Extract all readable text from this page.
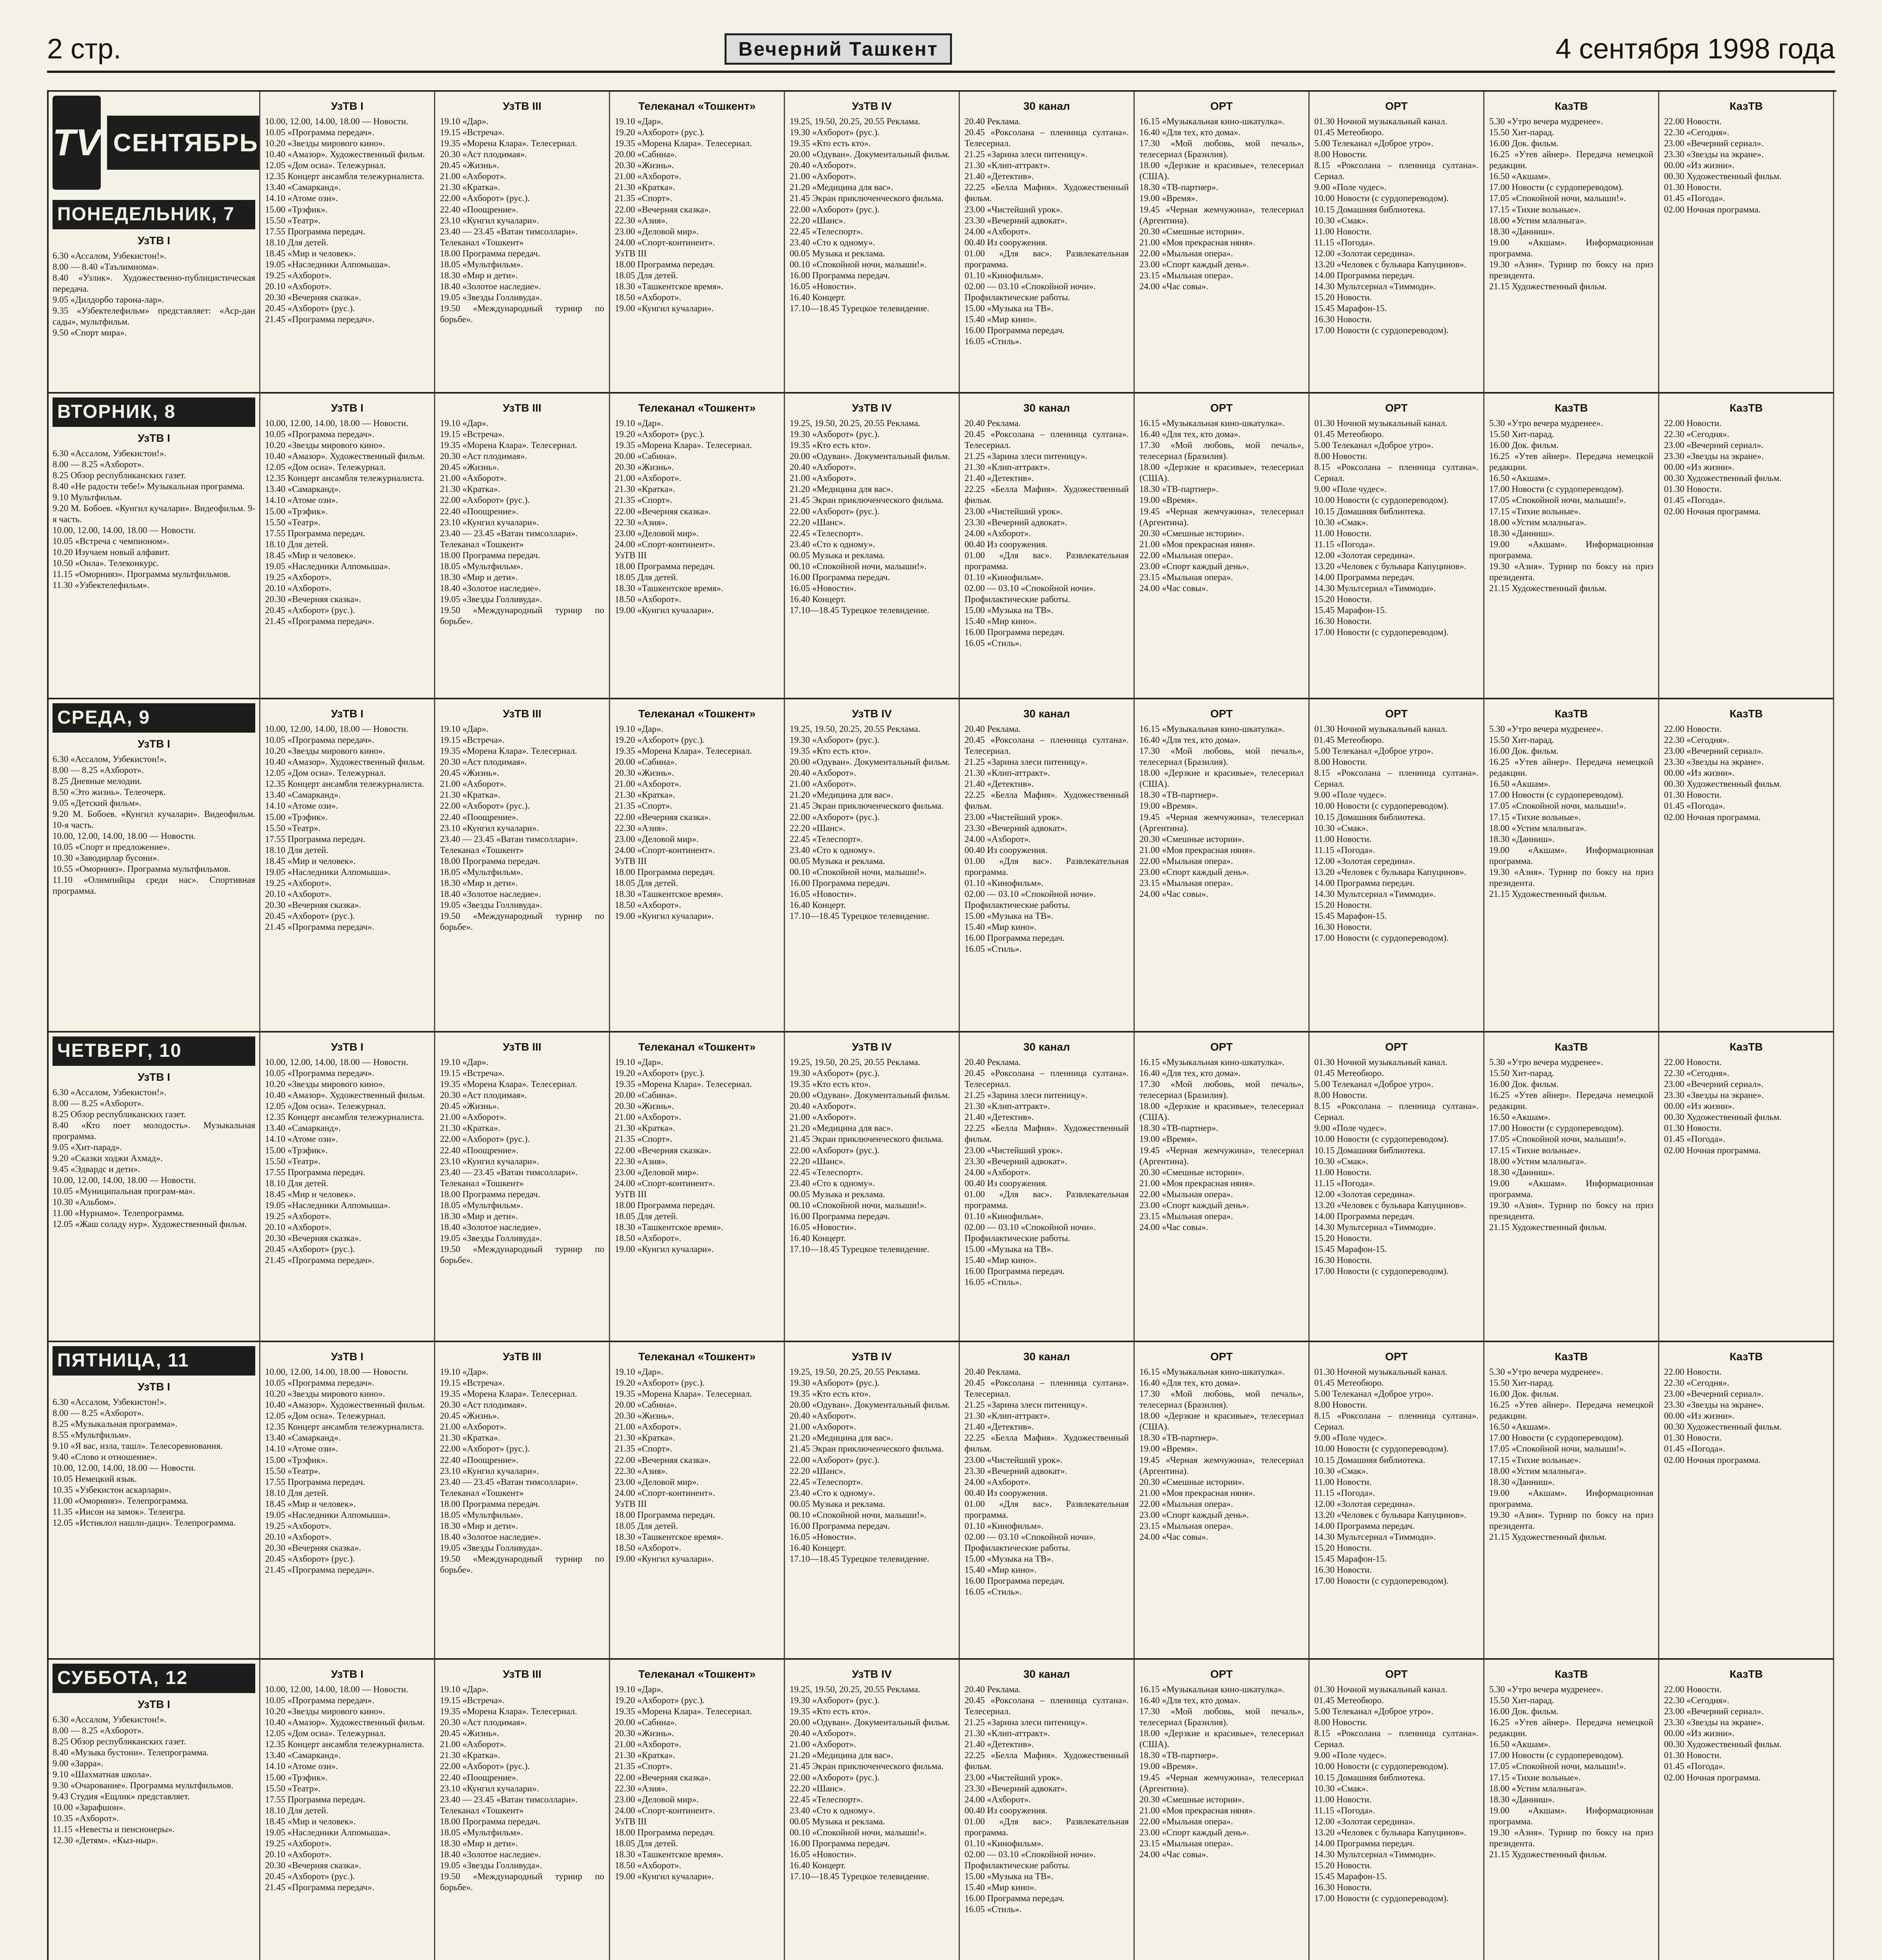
2 стр.	Вечерний Ташкент	4 сентября 1998 года
TV СЕНТЯБРЬ
ПОНЕДЕЛЬНИК, 7
УзТВ I

6.30 «Ассалом, Узбекистон!».

8.00 — 8.40 «Таълимнома».

8.40 «Узлик». Художественно-публицистическая передача.

9.05 «Дилдорбо тарона-лар».

9.35 «Узбектелефильм» представляет: «Аср-дан сады», мультфильм.

9.50 «Спорт мира».

УзТВ I

10.00, 12.00, 14.00, 18.00 — Новости.

10.05 «Программа передач».

10.20 «Звезды мирового кино».

10.40 «Амазор». Художественный фильм.

12.05 «Дом осиа». Тележурнал.

12.35 Концерт ансамбля тележурналиста.

13.40 «Самарканд».

14.10 «Атоме ози».

15.00 «Трэфик».

15.50 «Театр».

17.55 Программа передач.

18.10 Для детей.

18.45 «Мир и человек».

19.05 «Наследники Алпомыша».

19.25 «Ахборот».

20.10 «Ахборот».

20.30 «Вечерняя сказка».

20.45 «Ахборот» (рус.).

21.45 «Программа передач».

УзТВ III

19.10 «Дар».

19.15 «Встреча».

19.35 «Морена Клара». Телесериал.

20.30 «Аст плодимая».

20.45 «Жизнь».

21.00 «Ахборот».

21.30 «Кратка».

22.00 «Ахборот» (рус.).

22.40 «Поощрение».

23.10 «Кунгил кучалари».

23.40 — 23.45 «Ватан тимсоллари».

Телеканал «Тошкент»

18.00 Программа передач.

18.05 «Мультфильм».

18.30 «Мир и дети».

18.40 «Золотое наследие».

19.05 «Звезды Голливуда».

19.50 «Международный турнир по борьбе».

Телеканал «Тошкент»

19.10 «Дар».

19.20 «Ахборот» (рус.).

19.35 «Морена Клара». Телесериал.

20.00 «Сабина».

20.30 «Жизнь».

21.00 «Ахборот».

21.30 «Кратка».

21.35 «Спорт».

22.00 «Вечерняя сказка».

22.30 «Азия».

23.00 «Деловой мир».

24.00 «Спорт-континент».

УзТВ III

18.00 Программа передач.

18.05 Для детей.

18.30 «Ташкентское время».

18.50 «Ахборот».

19.00 «Кунгил кучалари».

УзТВ IV

19.25, 19.50, 20.25, 20.55 Реклама.

19.30 «Ахборот» (рус.).

19.35 «Кто есть кто».

20.00 «Одуван». Документальный фильм.

20.40 «Ахборот».

21.00 «Ахборот».

21.20 «Медицина для вас».

21.45 Экран приключенческого фильма.

22.00 «Ахборот» (рус.).

22.20 «Шанс».

22.45 «Телеспорт».

23.40 «Сто к одному».

00.05 Музыка и реклама.

00.10 «Спокойной ночи, малыши!».

16.00 Программа передач.

16.05 «Новости».

16.40 Концерт.

17.10—18.45 Турецкое телевидение.

30 канал

20.40 Реклама.

20.45 «Роксолана – пленница султана». Телесериал.

21.25 «Зарина злеси питеницу».

21.30 «Клип-аттракт».

21.40 «Детектив».

22.25 «Белла Мафия». Художественный фильм.

23.00 «Чистейший урок».

23.30 «Вечерний адвокат».

24.00 «Ахборот».

00.40 Из сооружения.

01.00 «Для вас». Развлекательная программа.

01.10 «Кинофильм».

02.00 — 03.10 «Спокойной ночи».

Профилактические работы.

15.00 «Музыка на ТВ».

15.40 «Мир кино».

16.00 Программа передач.

16.05 «Стиль».

ОРТ

16.15 «Музыкальная кино-шкатулка».

16.40 «Для тех, кто дома».

17.30 «Мой любовь, мой печаль», телесериал (Бразилия).

18.00 «Дерзкие и красивые», телесериал (США).

18.30 «ТВ-партнер».

19.00 «Время».

19.45 «Черная жемчужина», телесериал (Аргентина).

20.30 «Смешные истории».

21.00 «Моя прекрасная няня».

22.00 «Мыльная опера».

23.00 «Спорт каждый день».

23.15 «Мыльная опера».

24.00 «Час совы».

ОРТ

01.30 Ночной музыкальный канал.

01.45 Метеобюро.

5.00 Телеканал «Доброе утро».

8.00 Новости.

8.15 «Роксолана – пленница султана». Сериал.

9.00 «Поле чудес».

10.00 Новости (с сурдопереводом).

10.15 Домашняя библиотека.

10.30 «Смак».

11.00 Новости.

11.15 «Погода».

12.00 «Золотая середина».

13.20 «Человек с бульвара Капуцинов».

14.00 Программа передач.

14.30 Мультсериал «Тиммоди».

15.20 Новости.

15.45 Марафон-15.

16.30 Новости.

17.00 Новости (с сурдопереводом).

КазТВ

5.30 «Утро вечера мудренее».

15.50 Хит-парад.

16.00 Док. фильм.

16.25 «Утев айнер». Передача немецкой редакции.

16.50 «Акшам».

17.00 Новости (с сурдопереводом).

17.05 «Спокойной ночи, малыши!».

17.15 «Тихие вольные».

18.00 «Устим млалныга».

18.30 «Данниш».

19.00 «Акшам». Информационная программа.

19.30 «Азия». Турнир по боксу на приз президента.

21.15 Художественный фильм.

КазТВ

22.00 Новости.

22.30 «Сегодня».

23.00 «Вечерний сериал».

23.30 «Звезды на экране».

00.00 «Из жизни».

00.30 Художественный фильм.

01.30 Новости.

01.45 «Погода».

02.00 Ночная программа.

ВТОРНИК, 8
УзТВ I

6.30 «Ассалом, Узбекистон!».

8.00 — 8.25 «Ахборот».

8.25 Обзор республиканских газет.

8.40 «Не радости тебе!» Музыкальная программа.

9.10 Мультфильм.

9.20 М. Бобоев. «Кунгил кучалари». Видеофильм. 9-я часть.

10.00, 12.00, 14.00, 18.00 — Новости.

10.05 «Встреча с чемпионом».

10.20 Изучаем новый алфавит.

10.50 «Оила». Телеконкурс.

11.15 «Оморнияз». Программа мультфильмов.

11.30 «Узбектелефильм».

УзТВ I

10.00, 12.00, 14.00, 18.00 — Новости.

10.05 «Программа передач».

10.20 «Звезды мирового кино».

10.40 «Амазор». Художественный фильм.

12.05 «Дом осиа». Тележурнал.

12.35 Концерт ансамбля тележурналиста.

13.40 «Самарканд».

14.10 «Атоме ози».

15.00 «Трэфик».

15.50 «Театр».

17.55 Программа передач.

18.10 Для детей.

18.45 «Мир и человек».

19.05 «Наследники Алпомыша».

19.25 «Ахборот».

20.10 «Ахборот».

20.30 «Вечерняя сказка».

20.45 «Ахборот» (рус.).

21.45 «Программа передач».

УзТВ III

19.10 «Дар».

19.15 «Встреча».

19.35 «Морена Клара». Телесериал.

20.30 «Аст плодимая».

20.45 «Жизнь».

21.00 «Ахборот».

21.30 «Кратка».

22.00 «Ахборот» (рус.).

22.40 «Поощрение».

23.10 «Кунгил кучалари».

23.40 — 23.45 «Ватан тимсоллари».

Телеканал «Тошкент»

18.00 Программа передач.

18.05 «Мультфильм».

18.30 «Мир и дети».

18.40 «Золотое наследие».

19.05 «Звезды Голливуда».

19.50 «Международный турнир по борьбе».

Телеканал «Тошкент»

19.10 «Дар».

19.20 «Ахборот» (рус.).

19.35 «Морена Клара». Телесериал.

20.00 «Сабина».

20.30 «Жизнь».

21.00 «Ахборот».

21.30 «Кратка».

21.35 «Спорт».

22.00 «Вечерняя сказка».

22.30 «Азия».

23.00 «Деловой мир».

24.00 «Спорт-континент».

УзТВ III

18.00 Программа передач.

18.05 Для детей.

18.30 «Ташкентское время».

18.50 «Ахборот».

19.00 «Кунгил кучалари».

УзТВ IV

19.25, 19.50, 20.25, 20.55 Реклама.

19.30 «Ахборот» (рус.).

19.35 «Кто есть кто».

20.00 «Одуван». Документальный фильм.

20.40 «Ахборот».

21.00 «Ахборот».

21.20 «Медицина для вас».

21.45 Экран приключенческого фильма.

22.00 «Ахборот» (рус.).

22.20 «Шанс».

22.45 «Телеспорт».

23.40 «Сто к одному».

00.05 Музыка и реклама.

00.10 «Спокойной ночи, малыши!».

16.00 Программа передач.

16.05 «Новости».

16.40 Концерт.

17.10—18.45 Турецкое телевидение.

30 канал

20.40 Реклама.

20.45 «Роксолана – пленница султана». Телесериал.

21.25 «Зарина злеси питеницу».

21.30 «Клип-аттракт».

21.40 «Детектив».

22.25 «Белла Мафия». Художественный фильм.

23.00 «Чистейший урок».

23.30 «Вечерний адвокат».

24.00 «Ахборот».

00.40 Из сооружения.

01.00 «Для вас». Развлекательная программа.

01.10 «Кинофильм».

02.00 — 03.10 «Спокойной ночи».

Профилактические работы.

15.00 «Музыка на ТВ».

15.40 «Мир кино».

16.00 Программа передач.

16.05 «Стиль».

ОРТ

16.15 «Музыкальная кино-шкатулка».

16.40 «Для тех, кто дома».

17.30 «Мой любовь, мой печаль», телесериал (Бразилия).

18.00 «Дерзкие и красивые», телесериал (США).

18.30 «ТВ-партнер».

19.00 «Время».

19.45 «Черная жемчужина», телесериал (Аргентина).

20.30 «Смешные истории».

21.00 «Моя прекрасная няня».

22.00 «Мыльная опера».

23.00 «Спорт каждый день».

23.15 «Мыльная опера».

24.00 «Час совы».

ОРТ

01.30 Ночной музыкальный канал.

01.45 Метеобюро.

5.00 Телеканал «Доброе утро».

8.00 Новости.

8.15 «Роксолана – пленница султана». Сериал.

9.00 «Поле чудес».

10.00 Новости (с сурдопереводом).

10.15 Домашняя библиотека.

10.30 «Смак».

11.00 Новости.

11.15 «Погода».

12.00 «Золотая середина».

13.20 «Человек с бульвара Капуцинов».

14.00 Программа передач.

14.30 Мультсериал «Тиммоди».

15.20 Новости.

15.45 Марафон-15.

16.30 Новости.

17.00 Новости (с сурдопереводом).

КазТВ

5.30 «Утро вечера мудренее».

15.50 Хит-парад.

16.00 Док. фильм.

16.25 «Утев айнер». Передача немецкой редакции.

16.50 «Акшам».

17.00 Новости (с сурдопереводом).

17.05 «Спокойной ночи, малыши!».

17.15 «Тихие вольные».

18.00 «Устим млалныга».

18.30 «Данниш».

19.00 «Акшам». Информационная программа.

19.30 «Азия». Турнир по боксу на приз президента.

21.15 Художественный фильм.

КазТВ

22.00 Новости.

22.30 «Сегодня».

23.00 «Вечерний сериал».

23.30 «Звезды на экране».

00.00 «Из жизни».

00.30 Художественный фильм.

01.30 Новости.

01.45 «Погода».

02.00 Ночная программа.

СРЕДА, 9
УзТВ I

6.30 «Ассалом, Узбекистон!».

8.00 — 8.25 «Ахборот».

8.25 Дневные мелодии.

8.50 «Это жизнь». Телеочерк.

9.05 «Детский фильм».

9.20 М. Бобоев. «Кунгил кучалари». Видеофильм. 10-я часть.

10.00, 12.00, 14.00, 18.00 — Новости.

10.05 «Спорт и предложение».

10.30 «Заводирлар бусони».

10.55 «Оморнияз». Программа мультфильмов.

11.10 «Олимпийцы среди нас». Спортивная программа.

УзТВ I

10.00, 12.00, 14.00, 18.00 — Новости.

10.05 «Программа передач».

10.20 «Звезды мирового кино».

10.40 «Амазор». Художественный фильм.

12.05 «Дом осиа». Тележурнал.

12.35 Концерт ансамбля тележурналиста.

13.40 «Самарканд».

14.10 «Атоме ози».

15.00 «Трэфик».

15.50 «Театр».

17.55 Программа передач.

18.10 Для детей.

18.45 «Мир и человек».

19.05 «Наследники Алпомыша».

19.25 «Ахборот».

20.10 «Ахборот».

20.30 «Вечерняя сказка».

20.45 «Ахборот» (рус.).

21.45 «Программа передач».

УзТВ III

19.10 «Дар».

19.15 «Встреча».

19.35 «Морена Клара». Телесериал.

20.30 «Аст плодимая».

20.45 «Жизнь».

21.00 «Ахборот».

21.30 «Кратка».

22.00 «Ахборот» (рус.).

22.40 «Поощрение».

23.10 «Кунгил кучалари».

23.40 — 23.45 «Ватан тимсоллари».

Телеканал «Тошкент»

18.00 Программа передач.

18.05 «Мультфильм».

18.30 «Мир и дети».

18.40 «Золотое наследие».

19.05 «Звезды Голливуда».

19.50 «Международный турнир по борьбе».

Телеканал «Тошкент»

19.10 «Дар».

19.20 «Ахборот» (рус.).

19.35 «Морена Клара». Телесериал.

20.00 «Сабина».

20.30 «Жизнь».

21.00 «Ахборот».

21.30 «Кратка».

21.35 «Спорт».

22.00 «Вечерняя сказка».

22.30 «Азия».

23.00 «Деловой мир».

24.00 «Спорт-континент».

УзТВ III

18.00 Программа передач.

18.05 Для детей.

18.30 «Ташкентское время».

18.50 «Ахборот».

19.00 «Кунгил кучалари».

УзТВ IV

19.25, 19.50, 20.25, 20.55 Реклама.

19.30 «Ахборот» (рус.).

19.35 «Кто есть кто».

20.00 «Одуван». Документальный фильм.

20.40 «Ахборот».

21.00 «Ахборот».

21.20 «Медицина для вас».

21.45 Экран приключенческого фильма.

22.00 «Ахборот» (рус.).

22.20 «Шанс».

22.45 «Телеспорт».

23.40 «Сто к одному».

00.05 Музыка и реклама.

00.10 «Спокойной ночи, малыши!».

16.00 Программа передач.

16.05 «Новости».

16.40 Концерт.

17.10—18.45 Турецкое телевидение.

30 канал

20.40 Реклама.

20.45 «Роксолана – пленница султана». Телесериал.

21.25 «Зарина злеси питеницу».

21.30 «Клип-аттракт».

21.40 «Детектив».

22.25 «Белла Мафия». Художественный фильм.

23.00 «Чистейший урок».

23.30 «Вечерний адвокат».

24.00 «Ахборот».

00.40 Из сооружения.

01.00 «Для вас». Развлекательная программа.

01.10 «Кинофильм».

02.00 — 03.10 «Спокойной ночи».

Профилактические работы.

15.00 «Музыка на ТВ».

15.40 «Мир кино».

16.00 Программа передач.

16.05 «Стиль».

ОРТ

16.15 «Музыкальная кино-шкатулка».

16.40 «Для тех, кто дома».

17.30 «Мой любовь, мой печаль», телесериал (Бразилия).

18.00 «Дерзкие и красивые», телесериал (США).

18.30 «ТВ-партнер».

19.00 «Время».

19.45 «Черная жемчужина», телесериал (Аргентина).

20.30 «Смешные истории».

21.00 «Моя прекрасная няня».

22.00 «Мыльная опера».

23.00 «Спорт каждый день».

23.15 «Мыльная опера».

24.00 «Час совы».

ОРТ

01.30 Ночной музыкальный канал.

01.45 Метеобюро.

5.00 Телеканал «Доброе утро».

8.00 Новости.

8.15 «Роксолана – пленница султана». Сериал.

9.00 «Поле чудес».

10.00 Новости (с сурдопереводом).

10.15 Домашняя библиотека.

10.30 «Смак».

11.00 Новости.

11.15 «Погода».

12.00 «Золотая середина».

13.20 «Человек с бульвара Капуцинов».

14.00 Программа передач.

14.30 Мультсериал «Тиммоди».

15.20 Новости.

15.45 Марафон-15.

16.30 Новости.

17.00 Новости (с сурдопереводом).

КазТВ

5.30 «Утро вечера мудренее».

15.50 Хит-парад.

16.00 Док. фильм.

16.25 «Утев айнер». Передача немецкой редакции.

16.50 «Акшам».

17.00 Новости (с сурдопереводом).

17.05 «Спокойной ночи, малыши!».

17.15 «Тихие вольные».

18.00 «Устим млалныга».

18.30 «Данниш».

19.00 «Акшам». Информационная программа.

19.30 «Азия». Турнир по боксу на приз президента.

21.15 Художественный фильм.

КазТВ

22.00 Новости.

22.30 «Сегодня».

23.00 «Вечерний сериал».

23.30 «Звезды на экране».

00.00 «Из жизни».

00.30 Художественный фильм.

01.30 Новости.

01.45 «Погода».

02.00 Ночная программа.

ЧЕТВЕРГ, 10
УзТВ I

6.30 «Ассалом, Узбекистон!».

8.00 — 8.25 «Ахборот».

8.25 Обзор республиканских газет.

8.40 «Кто поет молодость». Музыкальная программа.

9.05 «Хит-парад».

9.20 «Сказки ходжи Ахмад».

9.45 «Эдвардс и дети».

10.00, 12.00, 14.00, 18.00 — Новости.

10.05 «Муниципальная програм-ма».

10.30 «Альбом».

11.00 «Нурнамо». Телепрограмма.

12.05 «Жаш соладу нур». Художественный фильм.

УзТВ I

10.00, 12.00, 14.00, 18.00 — Новости.

10.05 «Программа передач».

10.20 «Звезды мирового кино».

10.40 «Амазор». Художественный фильм.

12.05 «Дом осиа». Тележурнал.

12.35 Концерт ансамбля тележурналиста.

13.40 «Самарканд».

14.10 «Атоме ози».

15.00 «Трэфик».

15.50 «Театр».

17.55 Программа передач.

18.10 Для детей.

18.45 «Мир и человек».

19.05 «Наследники Алпомыша».

19.25 «Ахборот».

20.10 «Ахборот».

20.30 «Вечерняя сказка».

20.45 «Ахборот» (рус.).

21.45 «Программа передач».

УзТВ III

19.10 «Дар».

19.15 «Встреча».

19.35 «Морена Клара». Телесериал.

20.30 «Аст плодимая».

20.45 «Жизнь».

21.00 «Ахборот».

21.30 «Кратка».

22.00 «Ахборот» (рус.).

22.40 «Поощрение».

23.10 «Кунгил кучалари».

23.40 — 23.45 «Ватан тимсоллари».

Телеканал «Тошкент»

18.00 Программа передач.

18.05 «Мультфильм».

18.30 «Мир и дети».

18.40 «Золотое наследие».

19.05 «Звезды Голливуда».

19.50 «Международный турнир по борьбе».

Телеканал «Тошкент»

19.10 «Дар».

19.20 «Ахборот» (рус.).

19.35 «Морена Клара». Телесериал.

20.00 «Сабина».

20.30 «Жизнь».

21.00 «Ахборот».

21.30 «Кратка».

21.35 «Спорт».

22.00 «Вечерняя сказка».

22.30 «Азия».

23.00 «Деловой мир».

24.00 «Спорт-континент».

УзТВ III

18.00 Программа передач.

18.05 Для детей.

18.30 «Ташкентское время».

18.50 «Ахборот».

19.00 «Кунгил кучалари».

УзТВ IV

19.25, 19.50, 20.25, 20.55 Реклама.

19.30 «Ахборот» (рус.).

19.35 «Кто есть кто».

20.00 «Одуван». Документальный фильм.

20.40 «Ахборот».

21.00 «Ахборот».

21.20 «Медицина для вас».

21.45 Экран приключенческого фильма.

22.00 «Ахборот» (рус.).

22.20 «Шанс».

22.45 «Телеспорт».

23.40 «Сто к одному».

00.05 Музыка и реклама.

00.10 «Спокойной ночи, малыши!».

16.00 Программа передач.

16.05 «Новости».

16.40 Концерт.

17.10—18.45 Турецкое телевидение.

30 канал

20.40 Реклама.

20.45 «Роксолана – пленница султана». Телесериал.

21.25 «Зарина злеси питеницу».

21.30 «Клип-аттракт».

21.40 «Детектив».

22.25 «Белла Мафия». Художественный фильм.

23.00 «Чистейший урок».

23.30 «Вечерний адвокат».

24.00 «Ахборот».

00.40 Из сооружения.

01.00 «Для вас». Развлекательная программа.

01.10 «Кинофильм».

02.00 — 03.10 «Спокойной ночи».

Профилактические работы.

15.00 «Музыка на ТВ».

15.40 «Мир кино».

16.00 Программа передач.

16.05 «Стиль».

ОРТ

16.15 «Музыкальная кино-шкатулка».

16.40 «Для тех, кто дома».

17.30 «Мой любовь, мой печаль», телесериал (Бразилия).

18.00 «Дерзкие и красивые», телесериал (США).

18.30 «ТВ-партнер».

19.00 «Время».

19.45 «Черная жемчужина», телесериал (Аргентина).

20.30 «Смешные истории».

21.00 «Моя прекрасная няня».

22.00 «Мыльная опера».

23.00 «Спорт каждый день».

23.15 «Мыльная опера».

24.00 «Час совы».

ОРТ

01.30 Ночной музыкальный канал.

01.45 Метеобюро.

5.00 Телеканал «Доброе утро».

8.00 Новости.

8.15 «Роксолана – пленница султана». Сериал.

9.00 «Поле чудес».

10.00 Новости (с сурдопереводом).

10.15 Домашняя библиотека.

10.30 «Смак».

11.00 Новости.

11.15 «Погода».

12.00 «Золотая середина».

13.20 «Человек с бульвара Капуцинов».

14.00 Программа передач.

14.30 Мультсериал «Тиммоди».

15.20 Новости.

15.45 Марафон-15.

16.30 Новости.

17.00 Новости (с сурдопереводом).

КазТВ

5.30 «Утро вечера мудренее».

15.50 Хит-парад.

16.00 Док. фильм.

16.25 «Утев айнер». Передача немецкой редакции.

16.50 «Акшам».

17.00 Новости (с сурдопереводом).

17.05 «Спокойной ночи, малыши!».

17.15 «Тихие вольные».

18.00 «Устим млалныга».

18.30 «Данниш».

19.00 «Акшам». Информационная программа.

19.30 «Азия». Турнир по боксу на приз президента.

21.15 Художественный фильм.

КазТВ

22.00 Новости.

22.30 «Сегодня».

23.00 «Вечерний сериал».

23.30 «Звезды на экране».

00.00 «Из жизни».

00.30 Художественный фильм.

01.30 Новости.

01.45 «Погода».

02.00 Ночная программа.

ПЯТНИЦА, 11
УзТВ I

6.30 «Ассалом, Узбекистон!».

8.00 — 8.25 «Ахборот».

8.25 «Музыкальная программа».

8.55 «Мультфильм».

9.10 «Я вас, изла, ташл». Телесоревнования.

9.40 «Слово и отношение».

10.00, 12.00, 14.00, 18.00 — Новости.

10.05 Немецкий язык.

10.35 «Узбекистон аскарлари».

11.00 «Оморнияз». Телепрограмма.

11.35 «Иисон на замок». Телеигра.

12.05 «Истиклол нашли-дацн». Телепрограмма.

УзТВ I

10.00, 12.00, 14.00, 18.00 — Новости.

10.05 «Программа передач».

10.20 «Звезды мирового кино».

10.40 «Амазор». Художественный фильм.

12.05 «Дом осиа». Тележурнал.

12.35 Концерт ансамбля тележурналиста.

13.40 «Самарканд».

14.10 «Атоме ози».

15.00 «Трэфик».

15.50 «Театр».

17.55 Программа передач.

18.10 Для детей.

18.45 «Мир и человек».

19.05 «Наследники Алпомыша».

19.25 «Ахборот».

20.10 «Ахборот».

20.30 «Вечерняя сказка».

20.45 «Ахборот» (рус.).

21.45 «Программа передач».

УзТВ III

19.10 «Дар».

19.15 «Встреча».

19.35 «Морена Клара». Телесериал.

20.30 «Аст плодимая».

20.45 «Жизнь».

21.00 «Ахборот».

21.30 «Кратка».

22.00 «Ахборот» (рус.).

22.40 «Поощрение».

23.10 «Кунгил кучалари».

23.40 — 23.45 «Ватан тимсоллари».

Телеканал «Тошкент»

18.00 Программа передач.

18.05 «Мультфильм».

18.30 «Мир и дети».

18.40 «Золотое наследие».

19.05 «Звезды Голливуда».

19.50 «Международный турнир по борьбе».

Телеканал «Тошкент»

19.10 «Дар».

19.20 «Ахборот» (рус.).

19.35 «Морена Клара». Телесериал.

20.00 «Сабина».

20.30 «Жизнь».

21.00 «Ахборот».

21.30 «Кратка».

21.35 «Спорт».

22.00 «Вечерняя сказка».

22.30 «Азия».

23.00 «Деловой мир».

24.00 «Спорт-континент».

УзТВ III

18.00 Программа передач.

18.05 Для детей.

18.30 «Ташкентское время».

18.50 «Ахборот».

19.00 «Кунгил кучалари».

УзТВ IV

19.25, 19.50, 20.25, 20.55 Реклама.

19.30 «Ахборот» (рус.).

19.35 «Кто есть кто».

20.00 «Одуван». Документальный фильм.

20.40 «Ахборот».

21.00 «Ахборот».

21.20 «Медицина для вас».

21.45 Экран приключенческого фильма.

22.00 «Ахборот» (рус.).

22.20 «Шанс».

22.45 «Телеспорт».

23.40 «Сто к одному».

00.05 Музыка и реклама.

00.10 «Спокойной ночи, малыши!».

16.00 Программа передач.

16.05 «Новости».

16.40 Концерт.

17.10—18.45 Турецкое телевидение.

30 канал

20.40 Реклама.

20.45 «Роксолана – пленница султана». Телесериал.

21.25 «Зарина злеси питеницу».

21.30 «Клип-аттракт».

21.40 «Детектив».

22.25 «Белла Мафия». Художественный фильм.

23.00 «Чистейший урок».

23.30 «Вечерний адвокат».

24.00 «Ахборот».

00.40 Из сооружения.

01.00 «Для вас». Развлекательная программа.

01.10 «Кинофильм».

02.00 — 03.10 «Спокойной ночи».

Профилактические работы.

15.00 «Музыка на ТВ».

15.40 «Мир кино».

16.00 Программа передач.

16.05 «Стиль».

ОРТ

16.15 «Музыкальная кино-шкатулка».

16.40 «Для тех, кто дома».

17.30 «Мой любовь, мой печаль», телесериал (Бразилия).

18.00 «Дерзкие и красивые», телесериал (США).

18.30 «ТВ-партнер».

19.00 «Время».

19.45 «Черная жемчужина», телесериал (Аргентина).

20.30 «Смешные истории».

21.00 «Моя прекрасная няня».

22.00 «Мыльная опера».

23.00 «Спорт каждый день».

23.15 «Мыльная опера».

24.00 «Час совы».

ОРТ

01.30 Ночной музыкальный канал.

01.45 Метеобюро.

5.00 Телеканал «Доброе утро».

8.00 Новости.

8.15 «Роксолана – пленница султана». Сериал.

9.00 «Поле чудес».

10.00 Новости (с сурдопереводом).

10.15 Домашняя библиотека.

10.30 «Смак».

11.00 Новости.

11.15 «Погода».

12.00 «Золотая середина».

13.20 «Человек с бульвара Капуцинов».

14.00 Программа передач.

14.30 Мультсериал «Тиммоди».

15.20 Новости.

15.45 Марафон-15.

16.30 Новости.

17.00 Новости (с сурдопереводом).

КазТВ

5.30 «Утро вечера мудренее».

15.50 Хит-парад.

16.00 Док. фильм.

16.25 «Утев айнер». Передача немецкой редакции.

16.50 «Акшам».

17.00 Новости (с сурдопереводом).

17.05 «Спокойной ночи, малыши!».

17.15 «Тихие вольные».

18.00 «Устим млалныга».

18.30 «Данниш».

19.00 «Акшам». Информационная программа.

19.30 «Азия». Турнир по боксу на приз президента.

21.15 Художественный фильм.

КазТВ

22.00 Новости.

22.30 «Сегодня».

23.00 «Вечерний сериал».

23.30 «Звезды на экране».

00.00 «Из жизни».

00.30 Художественный фильм.

01.30 Новости.

01.45 «Погода».

02.00 Ночная программа.

СУББОТА, 12
УзТВ I

6.30 «Ассалом, Узбекистон!».

8.00 — 8.25 «Ахборот».

8.25 Обзор республиканских газет.

8.40 «Музыка бустони». Телепрограмма.

9.00 «Зарра».

9.10 «Шахматная школа».

9.30 «Очарование». Программа мультфильмов.

9.43 Студия «Ещлик» представляет.

10.00 «Зарафшон».

10.35 «Ахборот».

11.15 «Невесты и пенсионеры».

12.30 «Детям». «Кыз-ныр».

УзТВ I

10.00, 12.00, 14.00, 18.00 — Новости.

10.05 «Программа передач».

10.20 «Звезды мирового кино».

10.40 «Амазор». Художественный фильм.

12.05 «Дом осиа». Тележурнал.

12.35 Концерт ансамбля тележурналиста.

13.40 «Самарканд».

14.10 «Атоме ози».

15.00 «Трэфик».

15.50 «Театр».

17.55 Программа передач.

18.10 Для детей.

18.45 «Мир и человек».

19.05 «Наследники Алпомыша».

19.25 «Ахборот».

20.10 «Ахборот».

20.30 «Вечерняя сказка».

20.45 «Ахборот» (рус.).

21.45 «Программа передач».

УзТВ III

19.10 «Дар».

19.15 «Встреча».

19.35 «Морена Клара». Телесериал.

20.30 «Аст плодимая».

20.45 «Жизнь».

21.00 «Ахборот».

21.30 «Кратка».

22.00 «Ахборот» (рус.).

22.40 «Поощрение».

23.10 «Кунгил кучалари».

23.40 — 23.45 «Ватан тимсоллари».

Телеканал «Тошкент»

18.00 Программа передач.

18.05 «Мультфильм».

18.30 «Мир и дети».

18.40 «Золотое наследие».

19.05 «Звезды Голливуда».

19.50 «Международный турнир по борьбе».

Телеканал «Тошкент»

19.10 «Дар».

19.20 «Ахборот» (рус.).

19.35 «Морена Клара». Телесериал.

20.00 «Сабина».

20.30 «Жизнь».

21.00 «Ахборот».

21.30 «Кратка».

21.35 «Спорт».

22.00 «Вечерняя сказка».

22.30 «Азия».

23.00 «Деловой мир».

24.00 «Спорт-континент».

УзТВ III

18.00 Программа передач.

18.05 Для детей.

18.30 «Ташкентское время».

18.50 «Ахборот».

19.00 «Кунгил кучалари».

УзТВ IV

19.25, 19.50, 20.25, 20.55 Реклама.

19.30 «Ахборот» (рус.).

19.35 «Кто есть кто».

20.00 «Одуван». Документальный фильм.

20.40 «Ахборот».

21.00 «Ахборот».

21.20 «Медицина для вас».

21.45 Экран приключенческого фильма.

22.00 «Ахборот» (рус.).

22.20 «Шанс».

22.45 «Телеспорт».

23.40 «Сто к одному».

00.05 Музыка и реклама.

00.10 «Спокойной ночи, малыши!».

16.00 Программа передач.

16.05 «Новости».

16.40 Концерт.

17.10—18.45 Турецкое телевидение.

30 канал

20.40 Реклама.

20.45 «Роксолана – пленница султана». Телесериал.

21.25 «Зарина злеси питеницу».

21.30 «Клип-аттракт».

21.40 «Детектив».

22.25 «Белла Мафия». Художественный фильм.

23.00 «Чистейший урок».

23.30 «Вечерний адвокат».

24.00 «Ахборот».

00.40 Из сооружения.

01.00 «Для вас». Развлекательная программа.

01.10 «Кинофильм».

02.00 — 03.10 «Спокойной ночи».

Профилактические работы.

15.00 «Музыка на ТВ».

15.40 «Мир кино».

16.00 Программа передач.

16.05 «Стиль».

ОРТ

16.15 «Музыкальная кино-шкатулка».

16.40 «Для тех, кто дома».

17.30 «Мой любовь, мой печаль», телесериал (Бразилия).

18.00 «Дерзкие и красивые», телесериал (США).

18.30 «ТВ-партнер».

19.00 «Время».

19.45 «Черная жемчужина», телесериал (Аргентина).

20.30 «Смешные истории».

21.00 «Моя прекрасная няня».

22.00 «Мыльная опера».

23.00 «Спорт каждый день».

23.15 «Мыльная опера».

24.00 «Час совы».

ОРТ

01.30 Ночной музыкальный канал.

01.45 Метеобюро.

5.00 Телеканал «Доброе утро».

8.00 Новости.

8.15 «Роксолана – пленница султана». Сериал.

9.00 «Поле чудес».

10.00 Новости (с сурдопереводом).

10.15 Домашняя библиотека.

10.30 «Смак».

11.00 Новости.

11.15 «Погода».

12.00 «Золотая середина».

13.20 «Человек с бульвара Капуцинов».

14.00 Программа передач.

14.30 Мультсериал «Тиммоди».

15.20 Новости.

15.45 Марафон-15.

16.30 Новости.

17.00 Новости (с сурдопереводом).

КазТВ

5.30 «Утро вечера мудренее».

15.50 Хит-парад.

16.00 Док. фильм.

16.25 «Утев айнер». Передача немецкой редакции.

16.50 «Акшам».

17.00 Новости (с сурдопереводом).

17.05 «Спокойной ночи, малыши!».

17.15 «Тихие вольные».

18.00 «Устим млалныга».

18.30 «Данниш».

19.00 «Акшам». Информационная программа.

19.30 «Азия». Турнир по боксу на приз президента.

21.15 Художественный фильм.

КазТВ

22.00 Новости.

22.30 «Сегодня».

23.00 «Вечерний сериал».

23.30 «Звезды на экране».

00.00 «Из жизни».

00.30 Художественный фильм.

01.30 Новости.

01.45 «Погода».

02.00 Ночная программа.
